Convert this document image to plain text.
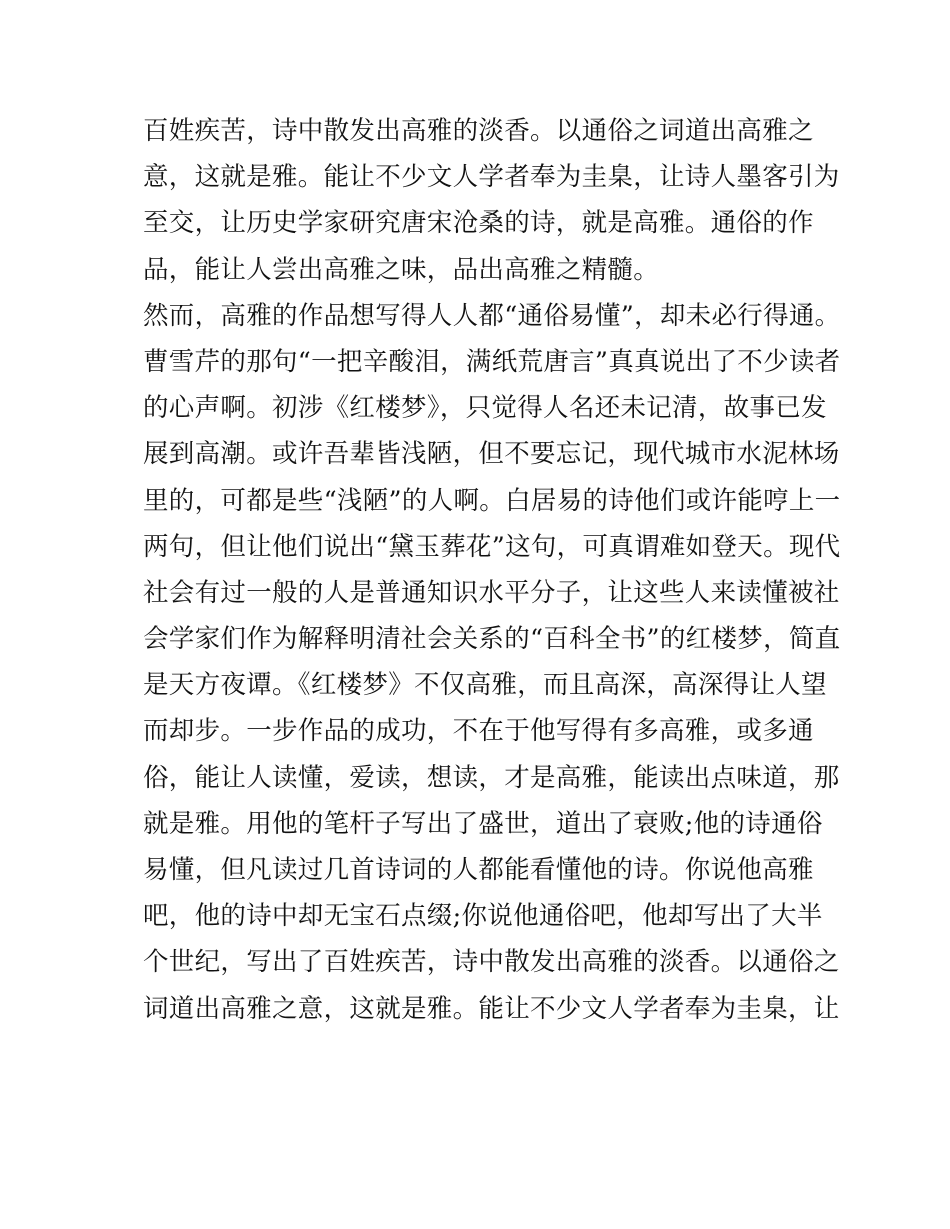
百姓疾苦，诗中散发出高雅的淡香。以通俗之词道出高雅之
意，这就是雅。能让不少文人学者奉为圭臬，让诗人墨客引为
至交，让历史学家研究唐宋沧桑的诗，就是高雅。通俗的作
品，能让人尝出高雅之味，品出高雅之精髓。
然而，高雅的作品想写得人人都“通俗易懂”，却未必行得通。
曹雪芹的那句“一把辛酸泪，满纸荒唐言”真真说出了不少读者
的心声啊。初涉《红楼梦》，只觉得人名还未记清，故事已发
展到高潮。或许吾辈皆浅陋，但不要忘记，现代城市水泥林场
里的，可都是些“浅陋”的人啊。白居易的诗他们或许能哼上一
两句，但让他们说出“黛玉葬花”这句，可真谓难如登天。现代
社会有过一般的人是普通知识水平分子，让这些人来读懂被社
会学家们作为解释明清社会关系的“百科全书”的红楼梦，简直
是天方夜谭。《红楼梦》不仅高雅，而且高深，高深得让人望
而却步。一步作品的成功，不在于他写得有多高雅，或多通
俗，能让人读懂，爱读，想读，才是高雅，能读出点味道，那
就是雅。用他的笔杆子写出了盛世，道出了衰败;他的诗通俗
易懂，但凡读过几首诗词的人都能看懂他的诗。你说他高雅
吧，他的诗中却无宝石点缀;你说他通俗吧，他却写出了大半
个世纪，写出了百姓疾苦，诗中散发出高雅的淡香。以通俗之
词道出高雅之意，这就是雅。能让不少文人学者奉为圭臬，让
